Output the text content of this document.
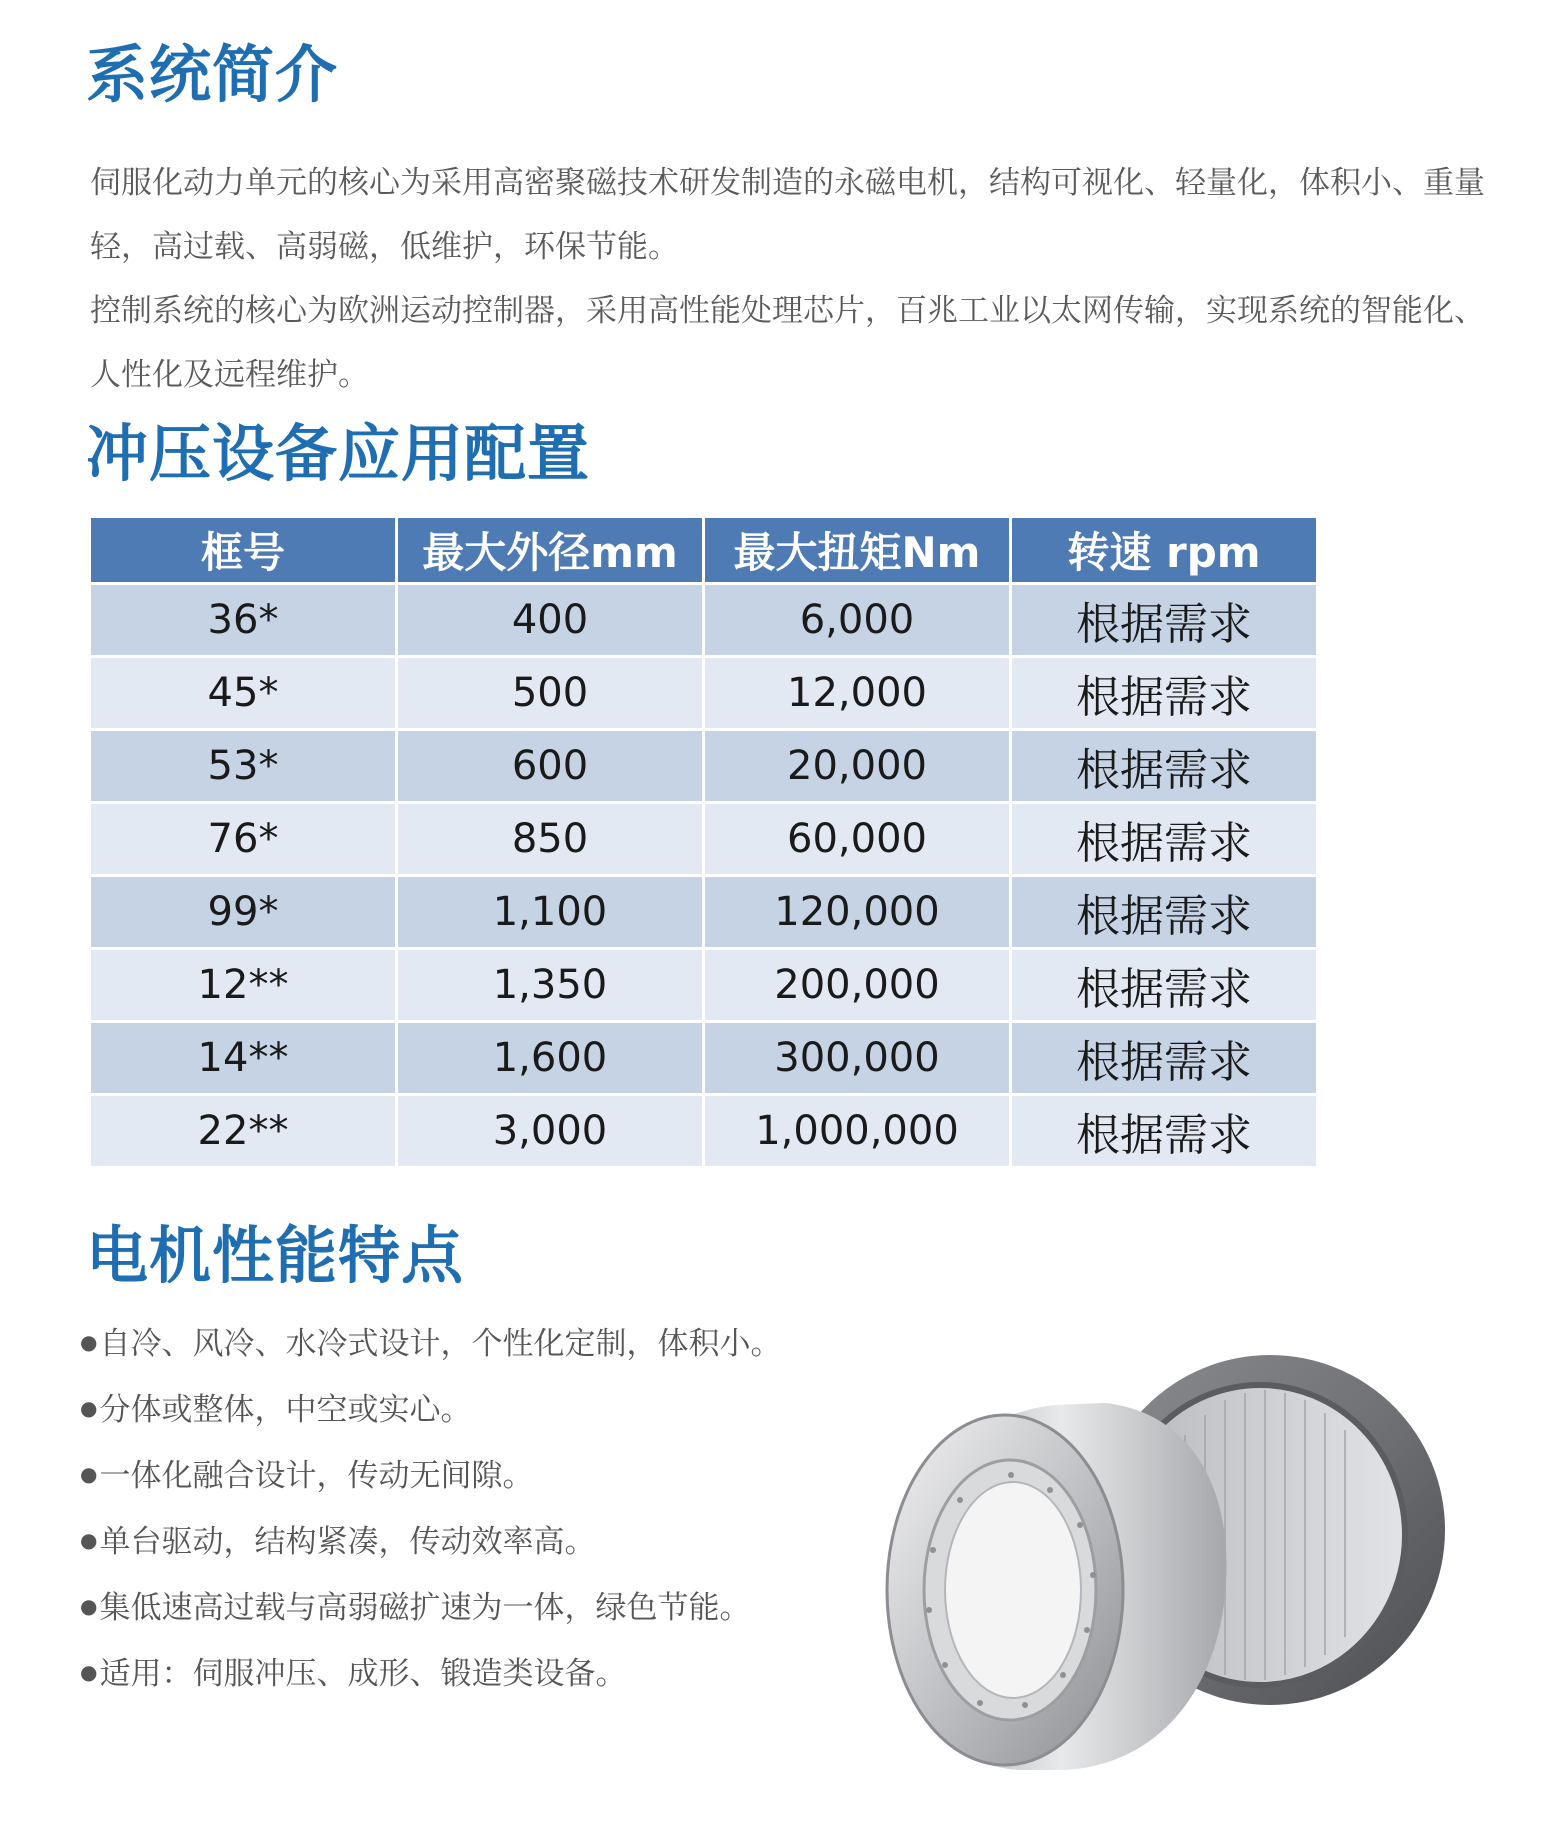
系统简介

伺服化动力单元的核心为采用高密聚磁技术研发制造的永磁电机，结构可视化、轻量化，体积小、重量轻，高过载、高弱磁，低维护，环保节能。

控制系统的核心为欧洲运动控制器，采用高性能处理芯片，百兆工业以太网传输，实现系统的智能化、人性化及远程维护。

冲压设备应用配置
框号	最大外径mm	最大扭矩Nm	转速 rpm
36*	400	6,000	根据需求
45*	500	12,000	根据需求
53*	600	20,000	根据需求
76*	850	60,000	根据需求
99*	1,100	120,000	根据需求
12**	1,350	200,000	根据需求
14**	1,600	300,000	根据需求
22**	3,000	1,000,000	根据需求
电机性能特点
● 自冷、风冷、水冷式设计，个性化定制，体积小。
● 分体或整体，中空或实心。
● 一体化融合设计，传动无间隙。
● 单台驱动，结构紧凑，传动效率高。
● 集低速高过载与高弱磁扩速为一体，绿色节能。
● 适用：伺服冲压、成形、锻造类设备。
